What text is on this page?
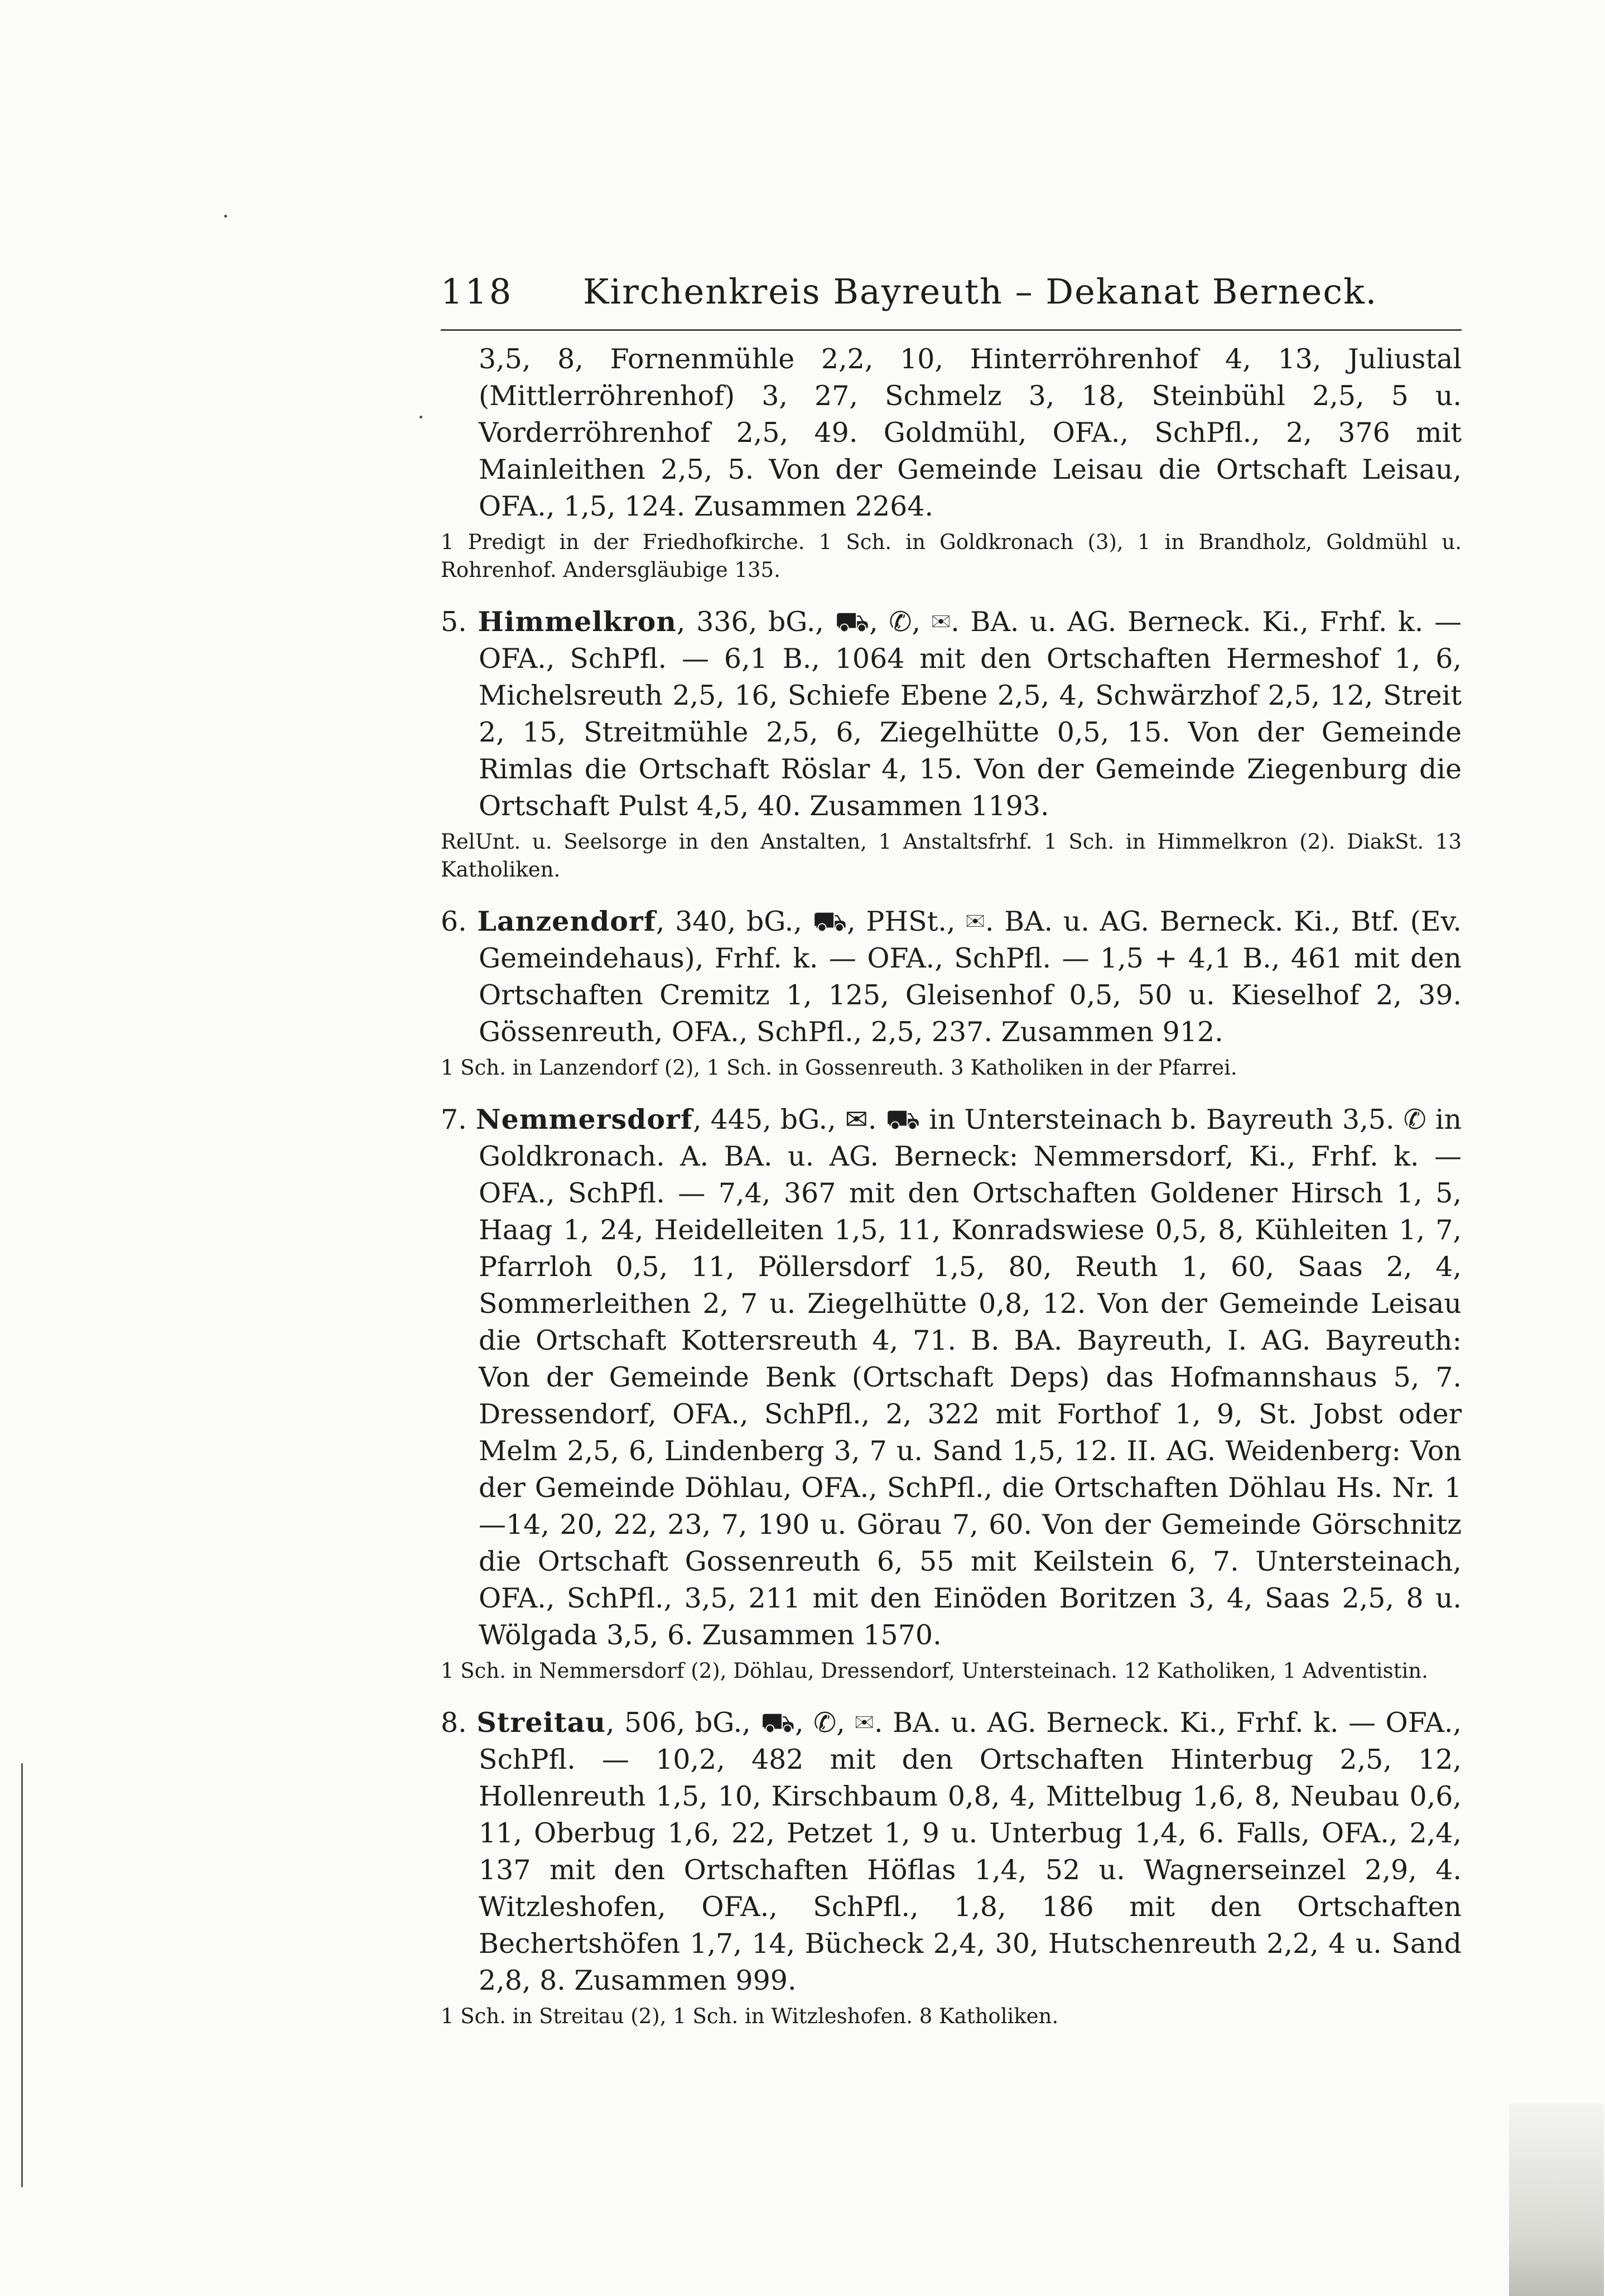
118 Kirchenkreis Bayreuth – Dekanat Berneck.

3,5, 8, Fornenmühle 2,2, 10, Hinterröhrenhof 4, 13, Juliustal (Mittlerröhrenhof) 3, 27, Schmelz 3, 18, Steinbühl 2,5, 5 u. Vorderröhrenhof 2,5, 49. Goldmühl, OFA., SchPfl., 2, 376 mit Mainleithen 2,5, 5. Von der Gemeinde Leisau die Ortschaft Leisau, OFA., 1,5, 124. Zusammen 2264.

1 Predigt in der Friedhofkirche. 1 Sch. in Goldkronach (3), 1 in Brandholz, Goldmühl u. Rohrenhof. Andersgläubige 135.

5. Himmelkron, 336, bG., ⛟, ✆, ✉. BA. u. AG. Berneck. Ki., Frhf. k. — OFA., SchPfl. — 6,1 B., 1064 mit den Ortschaften Hermeshof 1, 6, Michelsreuth 2,5, 16, Schiefe Ebene 2,5, 4, Schwärzhof 2,5, 12, Streit 2, 15, Streitmühle 2,5, 6, Ziegelhütte 0,5, 15. Von der Gemeinde Rimlas die Ortschaft Röslar 4, 15. Von der Gemeinde Ziegenburg die Ortschaft Pulst 4,5, 40. Zusammen 1193.

RelUnt. u. Seelsorge in den Anstalten, 1 Anstaltsfrhf. 1 Sch. in Himmelkron (2). DiakSt. 13 Katholiken.

6. Lanzendorf, 340, bG., ⛟, PHSt., ✉. BA. u. AG. Berneck. Ki., Btf. (Ev. Gemeindehaus), Frhf. k. — OFA., SchPfl. — 1,5 + 4,1 B., 461 mit den Ortschaften Cremitz 1, 125, Gleisenhof 0,5, 50 u. Kieselhof 2, 39. Gössenreuth, OFA., SchPfl., 2,5, 237. Zusammen 912.

1 Sch. in Lanzendorf (2), 1 Sch. in Gossenreuth. 3 Katholiken in der Pfarrei.

7. Nemmersdorf, 445, bG., ✉. ⛟ in Untersteinach b. Bayreuth 3,5. ✆ in Goldkronach. A. BA. u. AG. Berneck: Nemmersdorf, Ki., Frhf. k. — OFA., SchPfl. — 7,4, 367 mit den Ortschaften Goldener Hirsch 1, 5, Haag 1, 24, Heidelleiten 1,5, 11, Konradswiese 0,5, 8, Kühleiten 1, 7, Pfarrloh 0,5, 11, Pöllersdorf 1,5, 80, Reuth 1, 60, Saas 2, 4, Sommerleithen 2, 7 u. Ziegelhütte 0,8, 12. Von der Gemeinde Leisau die Ortschaft Kottersreuth 4, 71. B. BA. Bayreuth, I. AG. Bayreuth: Von der Gemeinde Benk (Ortschaft Deps) das Hofmannshaus 5, 7. Dressendorf, OFA., SchPfl., 2, 322 mit Forthof 1, 9, St. Jobst oder Melm 2,5, 6, Lindenberg 3, 7 u. Sand 1,5, 12. II. AG. Weidenberg: Von der Gemeinde Döhlau, OFA., SchPfl., die Ortschaften Döhlau Hs. Nr. 1—14, 20, 22, 23, 7, 190 u. Görau 7, 60. Von der Gemeinde Görschnitz die Ortschaft Gossenreuth 6, 55 mit Keilstein 6, 7. Untersteinach, OFA., SchPfl., 3,5, 211 mit den Einöden Boritzen 3, 4, Saas 2,5, 8 u. Wölgada 3,5, 6. Zusammen 1570.

1 Sch. in Nemmersdorf (2), Döhlau, Dressendorf, Untersteinach. 12 Katholiken, 1 Adventistin.

8. Streitau, 506, bG., ⛟, ✆, ✉. BA. u. AG. Berneck. Ki., Frhf. k. — OFA., SchPfl. — 10,2, 482 mit den Ortschaften Hinterbug 2,5, 12, Hollenreuth 1,5, 10, Kirschbaum 0,8, 4, Mittelbug 1,6, 8, Neubau 0,6, 11, Oberbug 1,6, 22, Petzet 1, 9 u. Unterbug 1,4, 6. Falls, OFA., 2,4, 137 mit den Ortschaften Höflas 1,4, 52 u. Wagnerseinzel 2,9, 4. Witzleshofen, OFA., SchPfl., 1,8, 186 mit den Ortschaften Bechertshöfen 1,7, 14, Bücheck 2,4, 30, Hutschenreuth 2,2, 4 u. Sand 2,8, 8. Zusammen 999.

1 Sch. in Streitau (2), 1 Sch. in Witzleshofen. 8 Katholiken.
